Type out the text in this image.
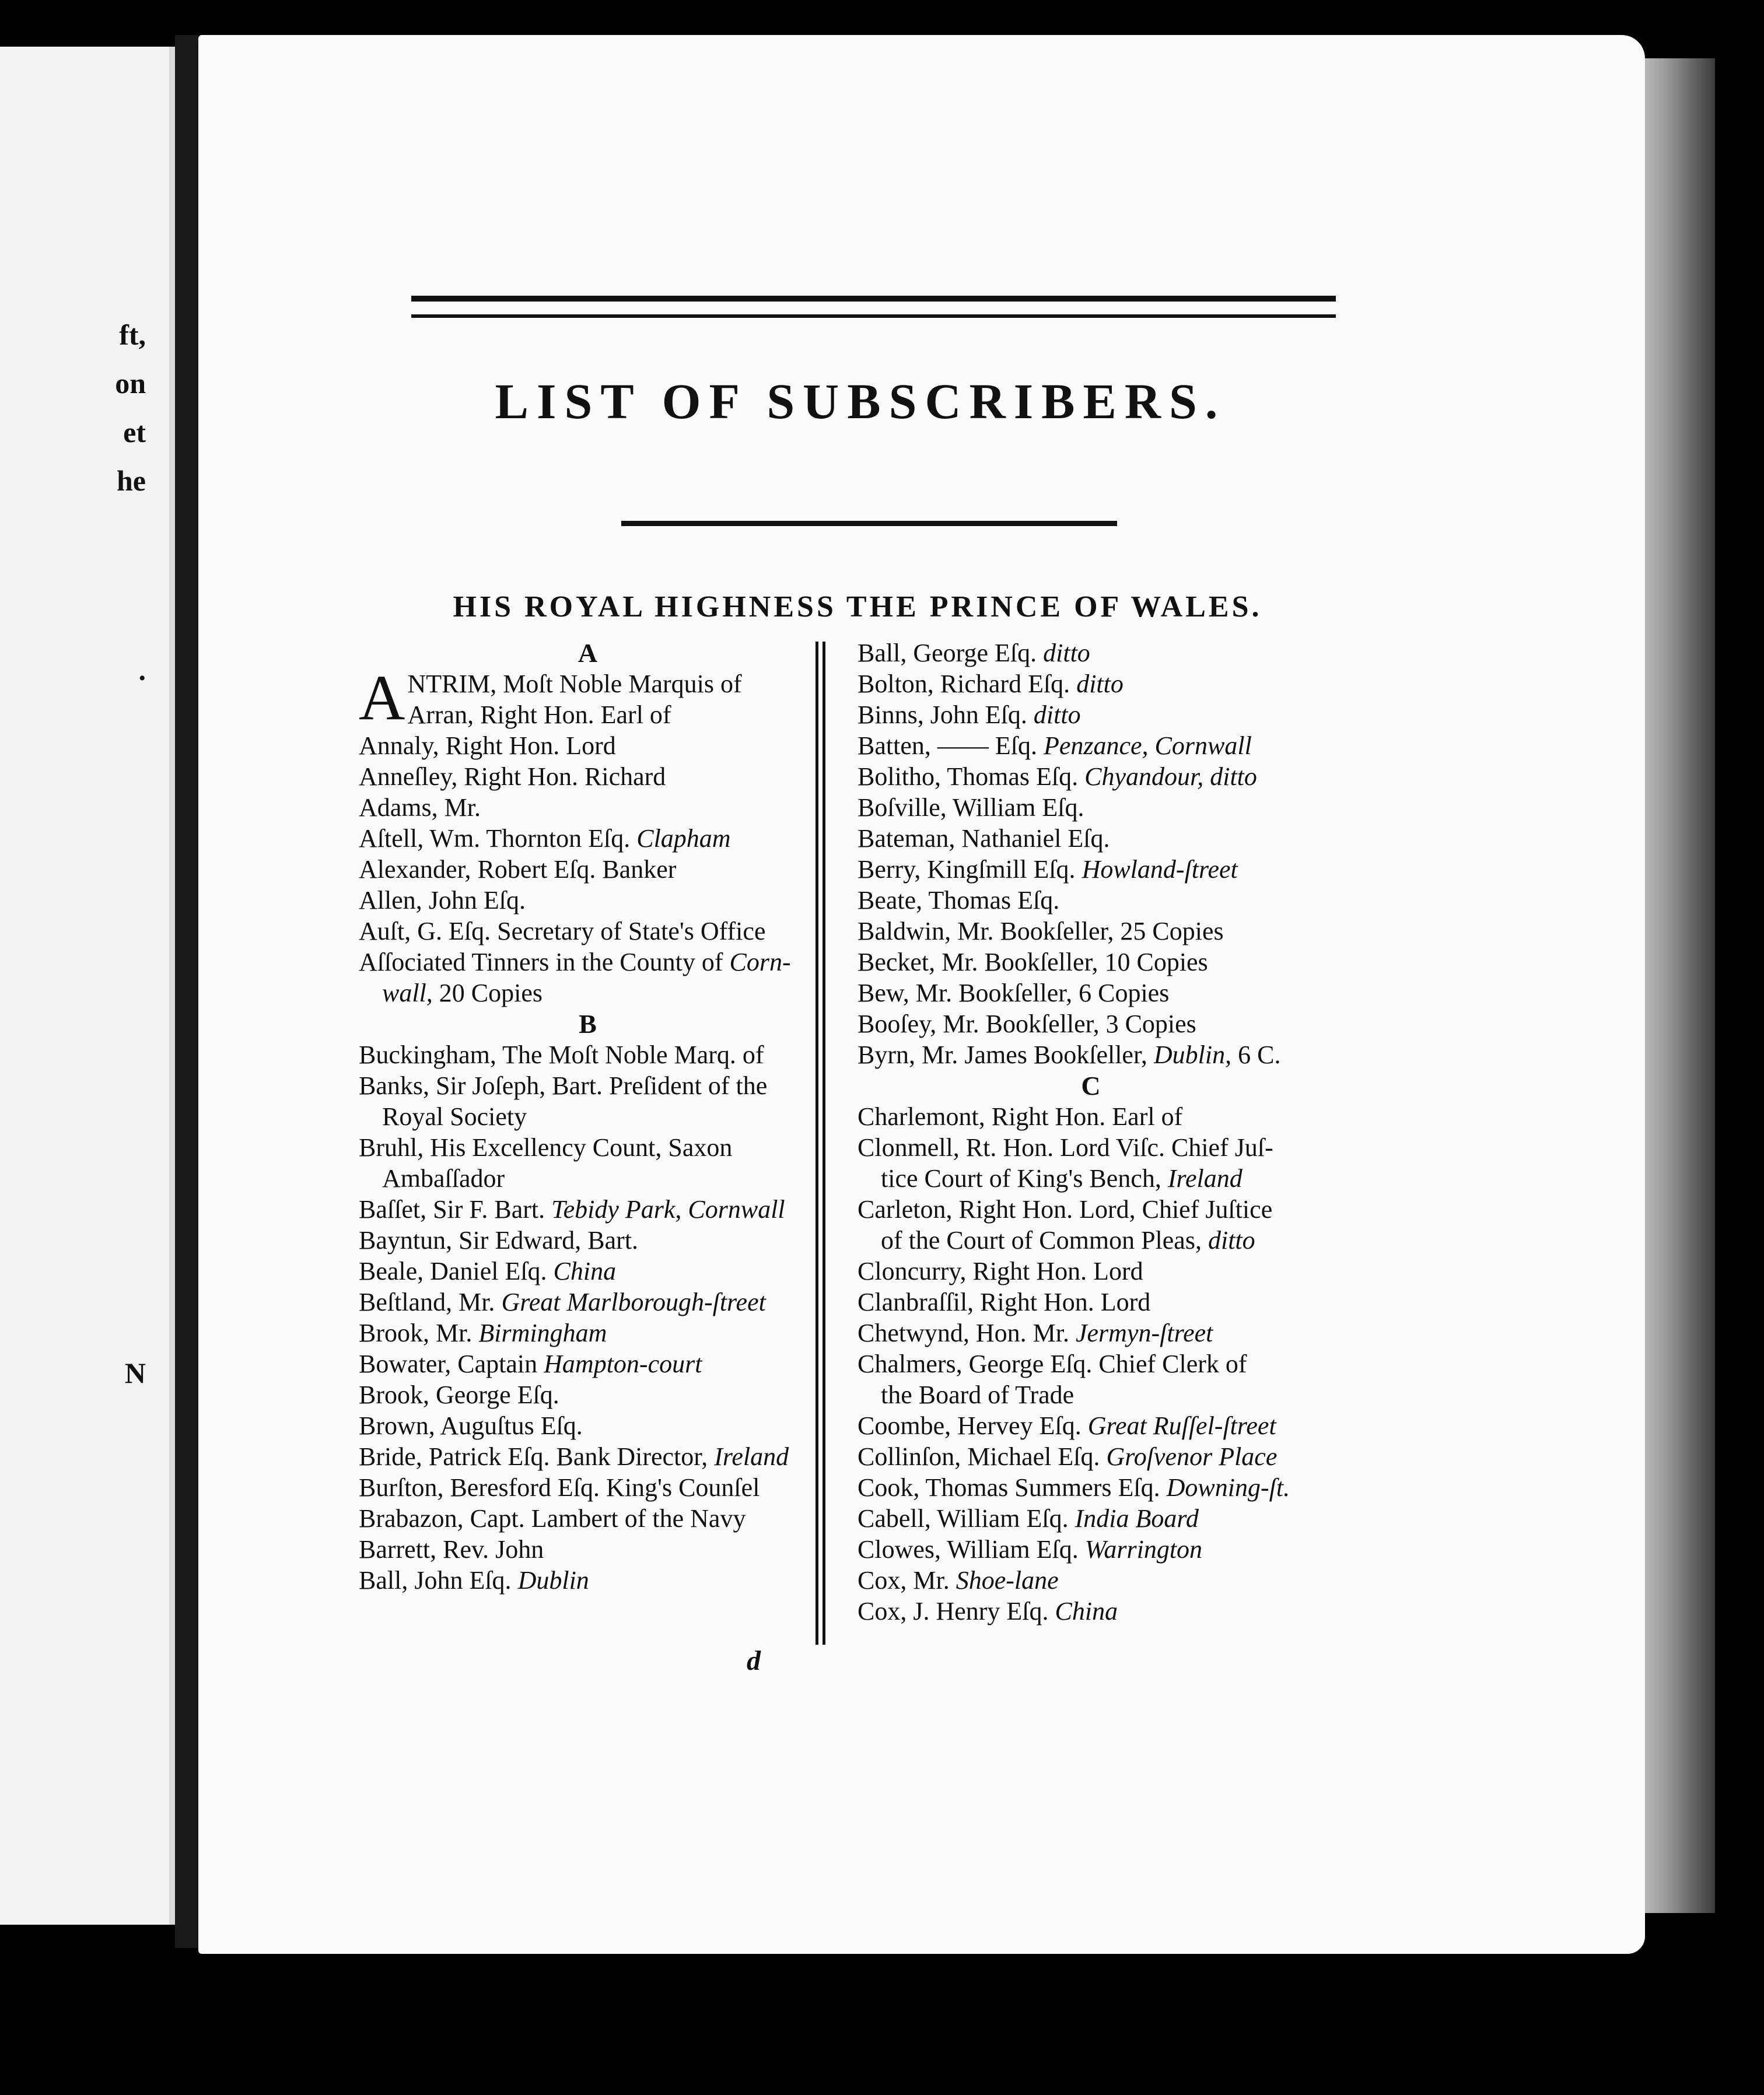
ft,
on
et
he
.
N
LIST OF SUBSCRIBERS.
HIS ROYAL HIGHNESS THE PRINCE OF WALES.
A
A NTRIM, Moſt Noble Marquis of
Arran, Right Hon. Earl of
Annaly, Right Hon. Lord
Anneſley, Right Hon. Richard
Adams, Mr.
Aſtell, Wm. Thornton Eſq. Clapham
Alexander, Robert Eſq. Banker
Allen, John Eſq.
Auſt, G. Eſq. Secretary of State's Office
Aſſociated Tinners in the County of Corn-
wall, 20 Copies
B
Buckingham, The Moſt Noble Marq. of
Banks, Sir Joſeph, Bart. Preſident of the
Royal Society
Bruhl, His Excellency Count, Saxon
Ambaſſador
Baſſet, Sir F. Bart. Tebidy Park, Cornwall
Bayntun, Sir Edward, Bart.
Beale, Daniel Eſq. China
Beſtland, Mr. Great Marlborough-ſtreet
Brook, Mr. Birmingham
Bowater, Captain Hampton-court
Brook, George Eſq.
Brown, Auguſtus Eſq.
Bride, Patrick Eſq. Bank Director, Ireland
Burſton, Beresford Eſq. King's Counſel
Brabazon, Capt. Lambert of the Navy
Barrett, Rev. John
Ball, John Eſq. Dublin
Ball, George Eſq. ditto
Bolton, Richard Eſq. ditto
Binns, John Eſq. ditto
Batten, —— Eſq. Penzance, Cornwall
Bolitho, Thomas Eſq. Chyandour, ditto
Boſville, William Eſq.
Bateman, Nathaniel Eſq.
Berry, Kingſmill Eſq. Howland-ſtreet
Beate, Thomas Eſq.
Baldwin, Mr. Bookſeller, 25 Copies
Becket, Mr. Bookſeller, 10 Copies
Bew, Mr. Bookſeller, 6 Copies
Booſey, Mr. Bookſeller, 3 Copies
Byrn, Mr. James Bookſeller, Dublin, 6 C.
C
Charlemont, Right Hon. Earl of
Clonmell, Rt. Hon. Lord Viſc. Chief Juſ-
tice Court of King's Bench, Ireland
Carleton, Right Hon. Lord, Chief Juſtice
of the Court of Common Pleas, ditto
Cloncurry, Right Hon. Lord
Clanbraſſil, Right Hon. Lord
Chetwynd, Hon. Mr. Jermyn-ſtreet
Chalmers, George Eſq. Chief Clerk of
the Board of Trade
Coombe, Hervey Eſq. Great Ruſſel-ſtreet
Collinſon, Michael Eſq. Groſvenor Place
Cook, Thomas Summers Eſq. Downing-ſt.
Cabell, William Eſq. India Board
Clowes, William Eſq. Warrington
Cox, Mr. Shoe-lane
Cox, J. Henry Eſq. China
d
